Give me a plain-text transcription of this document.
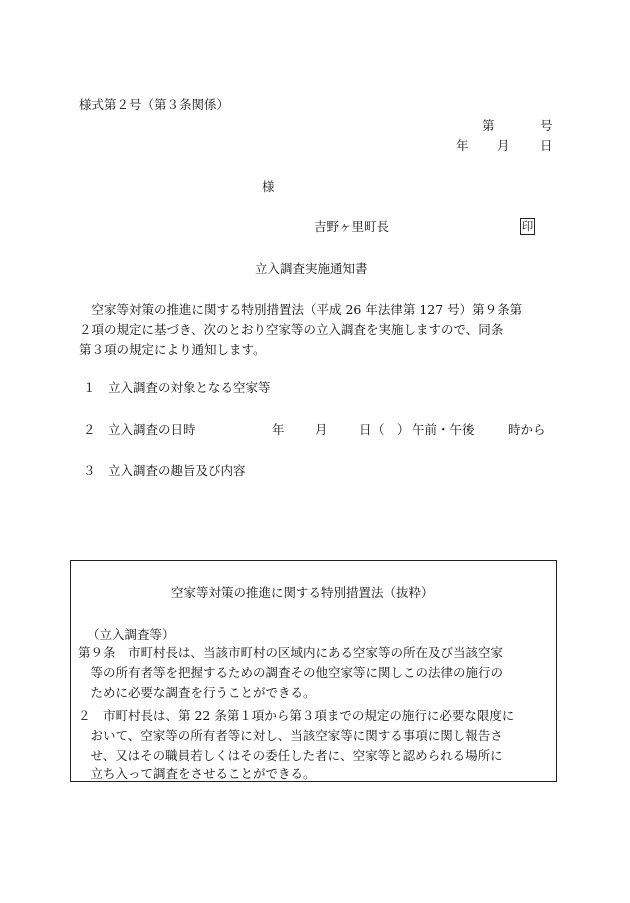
様式第２号（第３条関係）
第	号
年 月 日
様
吉野ヶ里町長	印
立入調査実施通知書
　空家等対策の推進に関する特別措置法（平成 26 年法律第 127 号）第９条第
２項の規定に基づき、次のとおり空家等の立入調査を実施しますので、同条
第３項の規定により通知します。
１ 立入調査の対象となる空家等
２ 立入調査の日時	年 月	日 （　） 午前・午後	時から
３ 立入調査の趣旨及び内容
空家等対策の推進に関する特別措置法（抜粋）
（立入調査等）
第９条　市町村長は、当該市町村の区域内にある空家等の所在及び当該空家
　等の所有者等を把握するための調査その他空家等に関しこの法律の施行の
　ために必要な調査を行うことができる。
２　市町村長は、第 22 条第１項から第３項までの規定の施行に必要な限度に
　おいて、空家等の所有者等に対し、当該空家等に関する事項に関し報告さ
　せ、又はその職員若しくはその委任した者に、空家等と認められる場所に
　立ち入って調査をさせることができる。
